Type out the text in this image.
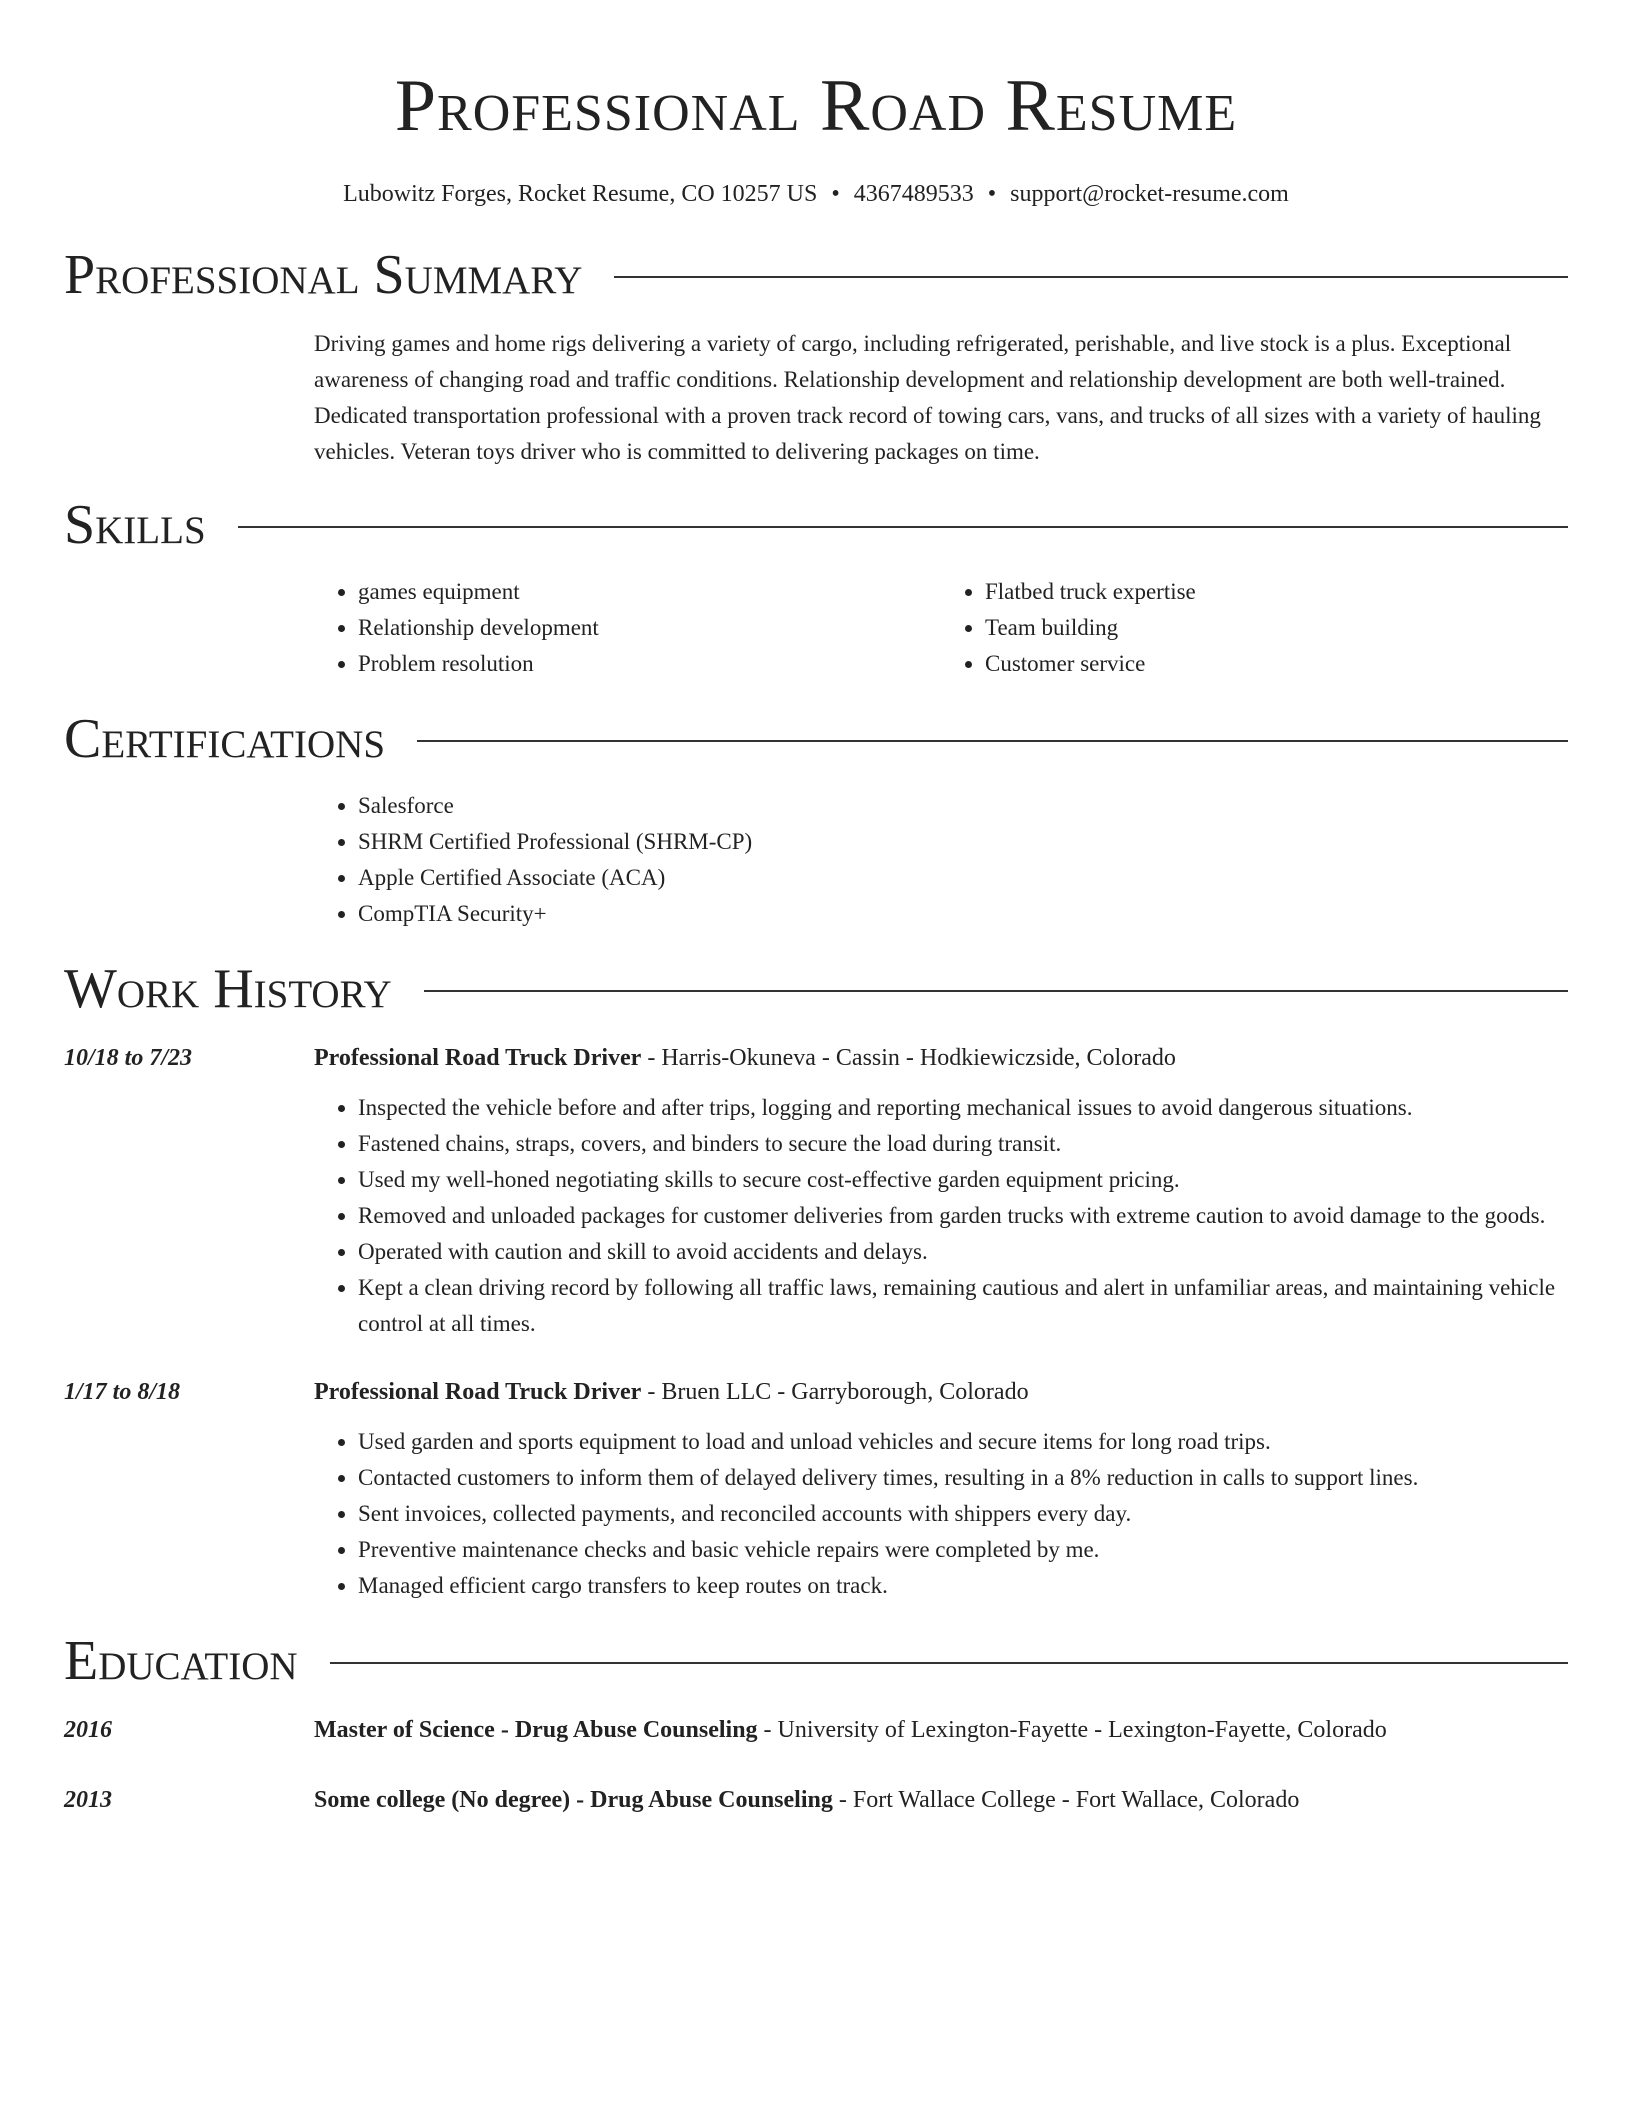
Professional Road Resume
Lubowitz Forges, Rocket Resume, CO 10257 US • 4367489533 • support@rocket-resume.com
Professional Summary

Driving games and home rigs delivering a variety of cargo, including refrigerated, perishable, and live stock is a plus. Exceptional awareness of changing road and traffic conditions. Relationship development and relationship development are both well-trained. Dedicated transportation professional with a proven track record of towing cars, vans, and trucks of all sizes with a variety of hauling vehicles. Veteran toys driver who is committed to delivering packages on time.

Skills
• games equipment
• Relationship development
• Problem resolution
• Flatbed truck expertise
• Team building
• Customer service
Certifications
• Salesforce
• SHRM Certified Professional (SHRM-CP)
• Apple Certified Associate (ACA)
• CompTIA Security+
Work History
10/18 to 7/23	Professional Road Truck Driver - Harris-Okuneva - Cassin - Hodkiewiczside, Colorado
• Inspected the vehicle before and after trips, logging and reporting mechanical issues to avoid dangerous situations.
• Fastened chains, straps, covers, and binders to secure the load during transit.
• Used my well-honed negotiating skills to secure cost-effective garden equipment pricing.
• Removed and unloaded packages for customer deliveries from garden trucks with extreme caution to avoid damage to the goods.
• Operated with caution and skill to avoid accidents and delays.
• Kept a clean driving record by following all traffic laws, remaining cautious and alert in unfamiliar areas, and maintaining vehicle control at all times.
1/17 to 8/18	Professional Road Truck Driver - Bruen LLC - Garryborough, Colorado
• Used garden and sports equipment to load and unload vehicles and secure items for long road trips.
• Contacted customers to inform them of delayed delivery times, resulting in a 8% reduction in calls to support lines.
• Sent invoices, collected payments, and reconciled accounts with shippers every day.
• Preventive maintenance checks and basic vehicle repairs were completed by me.
• Managed efficient cargo transfers to keep routes on track.
Education
2016	Master of Science - Drug Abuse Counseling - University of Lexington-Fayette - Lexington-Fayette, Colorado
2013	Some college (No degree) - Drug Abuse Counseling - Fort Wallace College - Fort Wallace, Colorado
